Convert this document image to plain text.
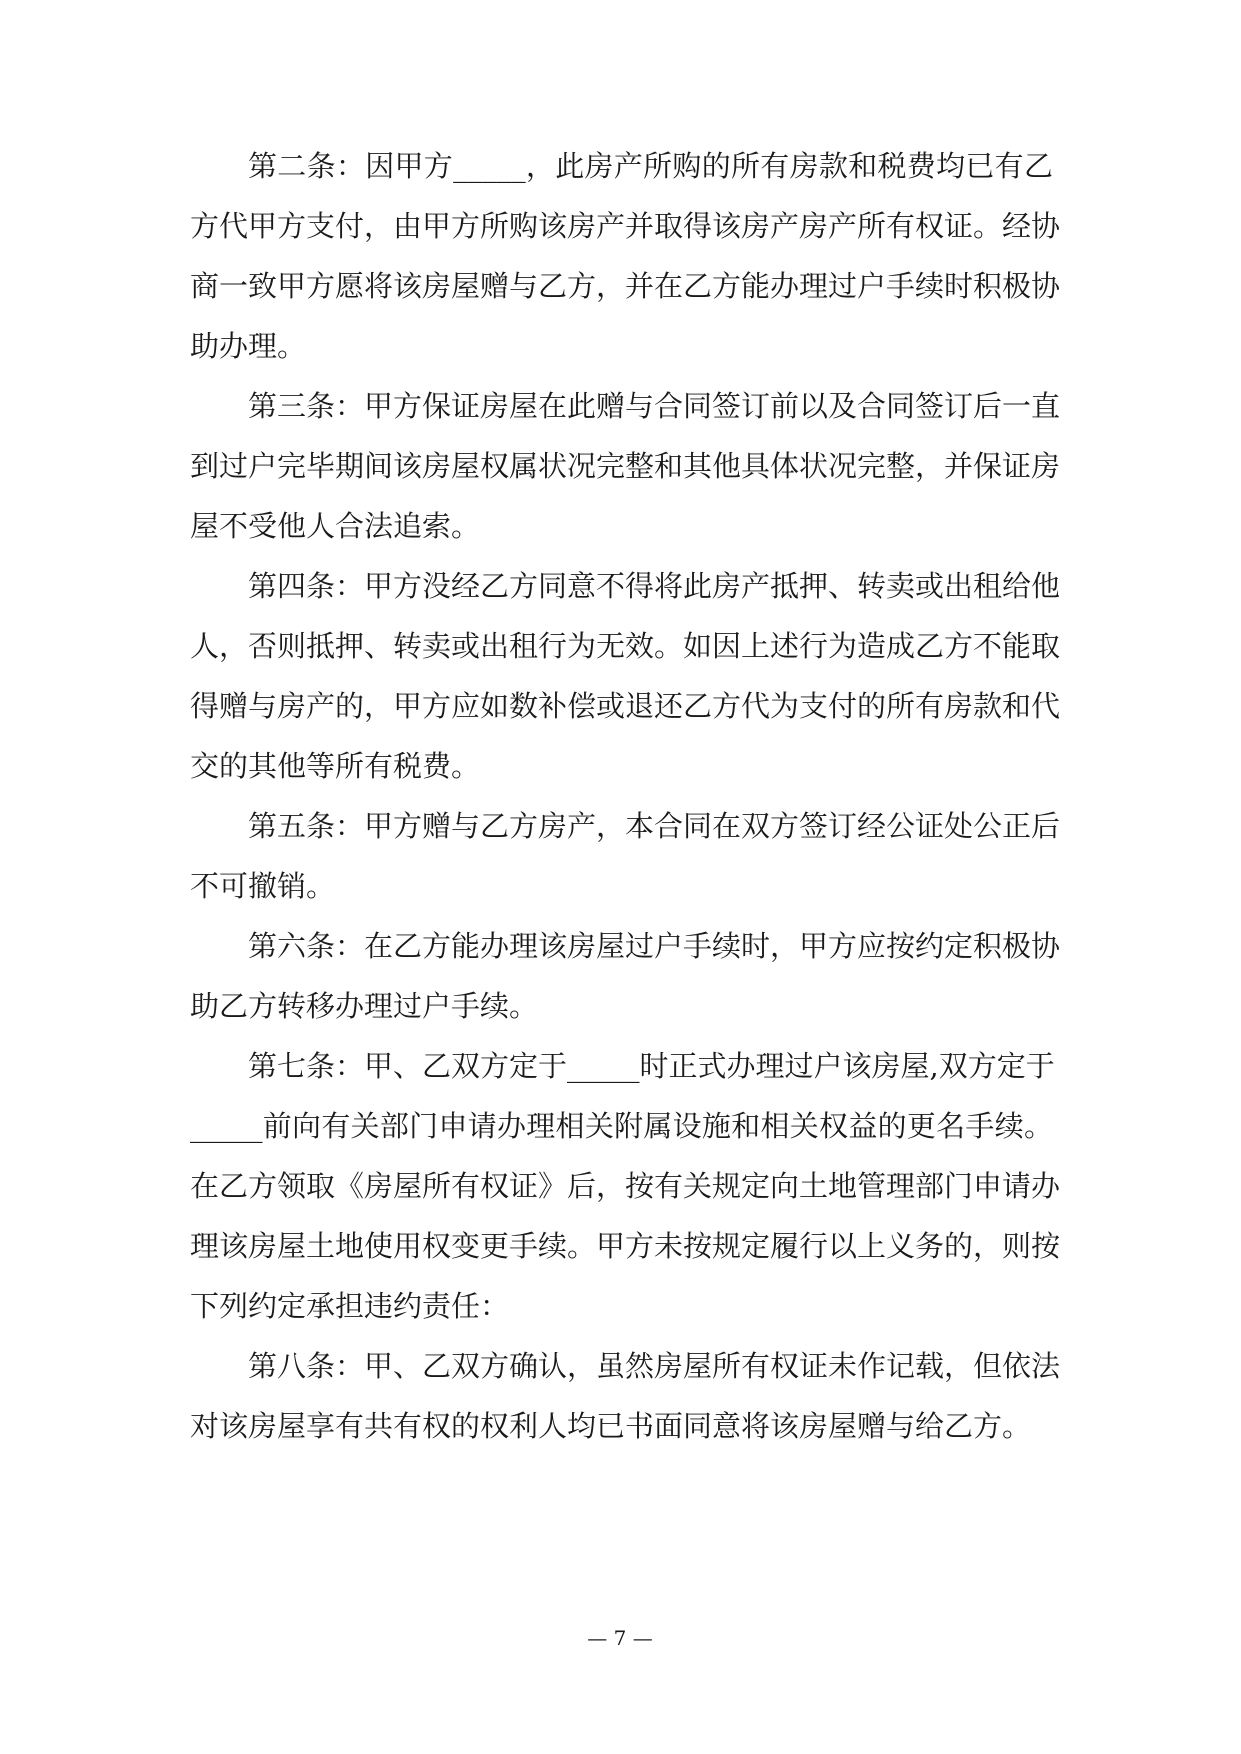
第二条：因甲方_____，此房产所购的所有房款和税费均已有乙
方代甲方支付，由甲方所购该房产并取得该房产房产所有权证。经协
商一致甲方愿将该房屋赠与乙方，并在乙方能办理过户手续时积极协
助办理。
第三条：甲方保证房屋在此赠与合同签订前以及合同签订后一直
到过户完毕期间该房屋权属状况完整和其他具体状况完整，并保证房
屋不受他人合法追索。
第四条：甲方没经乙方同意不得将此房产抵押、转卖或出租给他
人，否则抵押、转卖或出租行为无效。如因上述行为造成乙方不能取
得赠与房产的，甲方应如数补偿或退还乙方代为支付的所有房款和代
交的其他等所有税费。
第五条：甲方赠与乙方房产，本合同在双方签订经公证处公正后
不可撤销。
第六条：在乙方能办理该房屋过户手续时，甲方应按约定积极协
助乙方转移办理过户手续。
第七条：甲、乙双方定于_____时正式办理过户该房屋,双方定于
_____前向有关部门申请办理相关附属设施和相关权益的更名手续。
在乙方领取《房屋所有权证》后，按有关规定向土地管理部门申请办
理该房屋土地使用权变更手续。甲方未按规定履行以上义务的，则按
下列约定承担违约责任：
第八条：甲、乙双方确认，虽然房屋所有权证未作记载，但依法
对该房屋享有共有权的权利人均已书面同意将该房屋赠与给乙方。
— 7 —
